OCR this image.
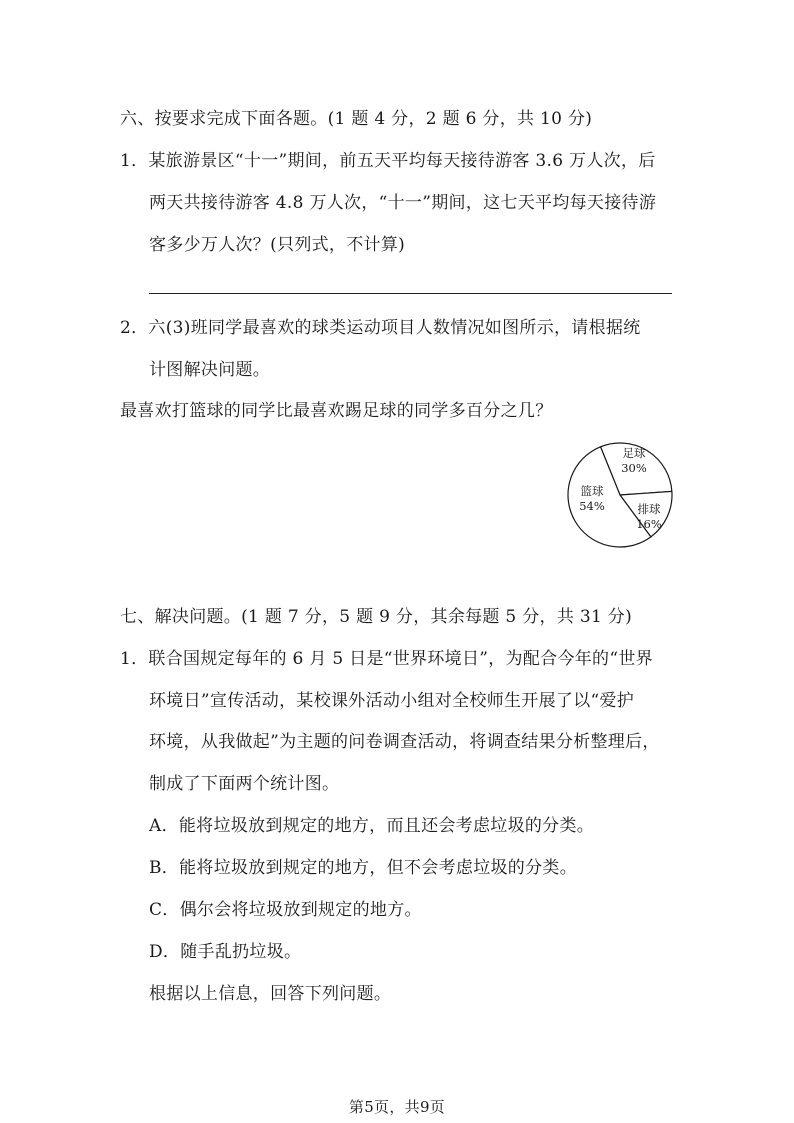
六、按要求完成下面各题。(1 题 4 分，2 题 6 分，共 10 分)
1．某旅游景区“十一”期间，前五天平均每天接待游客 3.6 万人次，后
两天共接待游客 4.8 万人次，“十一”期间，这七天平均每天接待游
客多少万人次？(只列式，不计算)
2．六(3)班同学最喜欢的球类运动项目人数情况如图所示，请根据统
计图解决问题。
最喜欢打篮球的同学比最喜欢踢足球的同学多百分之几？
足球
30%
排球
16%
篮球
54%
七、解决问题。(1 题 7 分，5 题 9 分，其余每题 5 分，共 31 分)
1．联合国规定每年的 6 月 5 日是“世界环境日”，为配合今年的“世界
环境日”宣传活动，某校课外活动小组对全校师生开展了以“爱护
环境，从我做起”为主题的问卷调查活动，将调查结果分析整理后，
制成了下面两个统计图。
A．能将垃圾放到规定的地方，而且还会考虑垃圾的分类。
B．能将垃圾放到规定的地方，但不会考虑垃圾的分类。
C．偶尔会将垃圾放到规定的地方。
D．随手乱扔垃圾。
根据以上信息，回答下列问题。
第5页，共9页
